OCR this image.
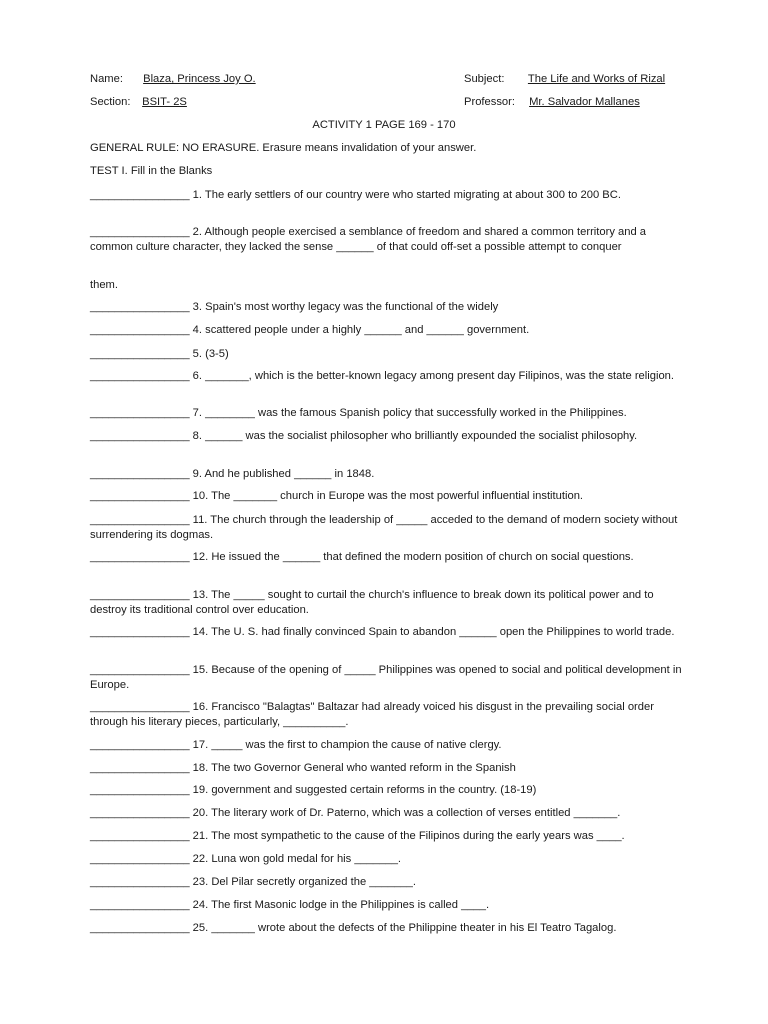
Name: Blaza, Princess Joy O.	Subject: The Life and Works of Rizal
Section: BSIT- 2S	Professor: Mr. Salvador Mallanes
ACTIVITY 1 PAGE 169 - 170
GENERAL RULE: NO ERASURE. Erasure means invalidation of your answer.
TEST I. Fill in the Blanks
________________ 1. The early settlers of our country were who started migrating at about 300 to 200 BC.
________________ 2. Although people exercised a semblance of freedom and shared a common territory and a common culture character, they lacked the sense ______ of that could off-set a possible attempt to conquer
them.
________________ 3. Spain's most worthy legacy was the functional of the widely
________________ 4. scattered people under a highly ______ and ______ government.
________________ 5. (3-5)
________________ 6. _______, which is the better-known legacy among present day Filipinos, was the state religion.
________________ 7. ________ was the famous Spanish policy that successfully worked in the Philippines.
________________ 8. ______ was the socialist philosopher who brilliantly expounded the socialist philosophy.
________________ 9. And he published ______ in 1848.
________________ 10. The _______ church in Europe was the most powerful influential institution.
________________ 11. The church through the leadership of _____ acceded to the demand of modern society without surrendering its dogmas.
________________ 12. He issued the ______ that defined the modern position of church on social questions.
________________ 13. The _____ sought to curtail the church's influence to break down its political power and to destroy its traditional control over education.
________________ 14. The U. S. had finally convinced Spain to abandon ______ open the Philippines to world trade.
________________ 15. Because of the opening of _____ Philippines was opened to social and political development in Europe.
________________ 16. Francisco "Balagtas" Baltazar had already voiced his disgust in the prevailing social order through his literary pieces, particularly, __________.
________________ 17. _____ was the first to champion the cause of native clergy.
________________ 18. The two Governor General who wanted reform in the Spanish
________________ 19. government and suggested certain reforms in the country. (18-19)
________________ 20. The literary work of Dr. Paterno, which was a collection of verses entitled _______.
________________ 21. The most sympathetic to the cause of the Filipinos during the early years was ____.
________________ 22. Luna won gold medal for his _______.
________________ 23. Del Pilar secretly organized the _______.
________________ 24. The first Masonic lodge in the Philippines is called ____.
________________ 25. _______ wrote about the defects of the Philippine theater in his El Teatro Tagalog.
